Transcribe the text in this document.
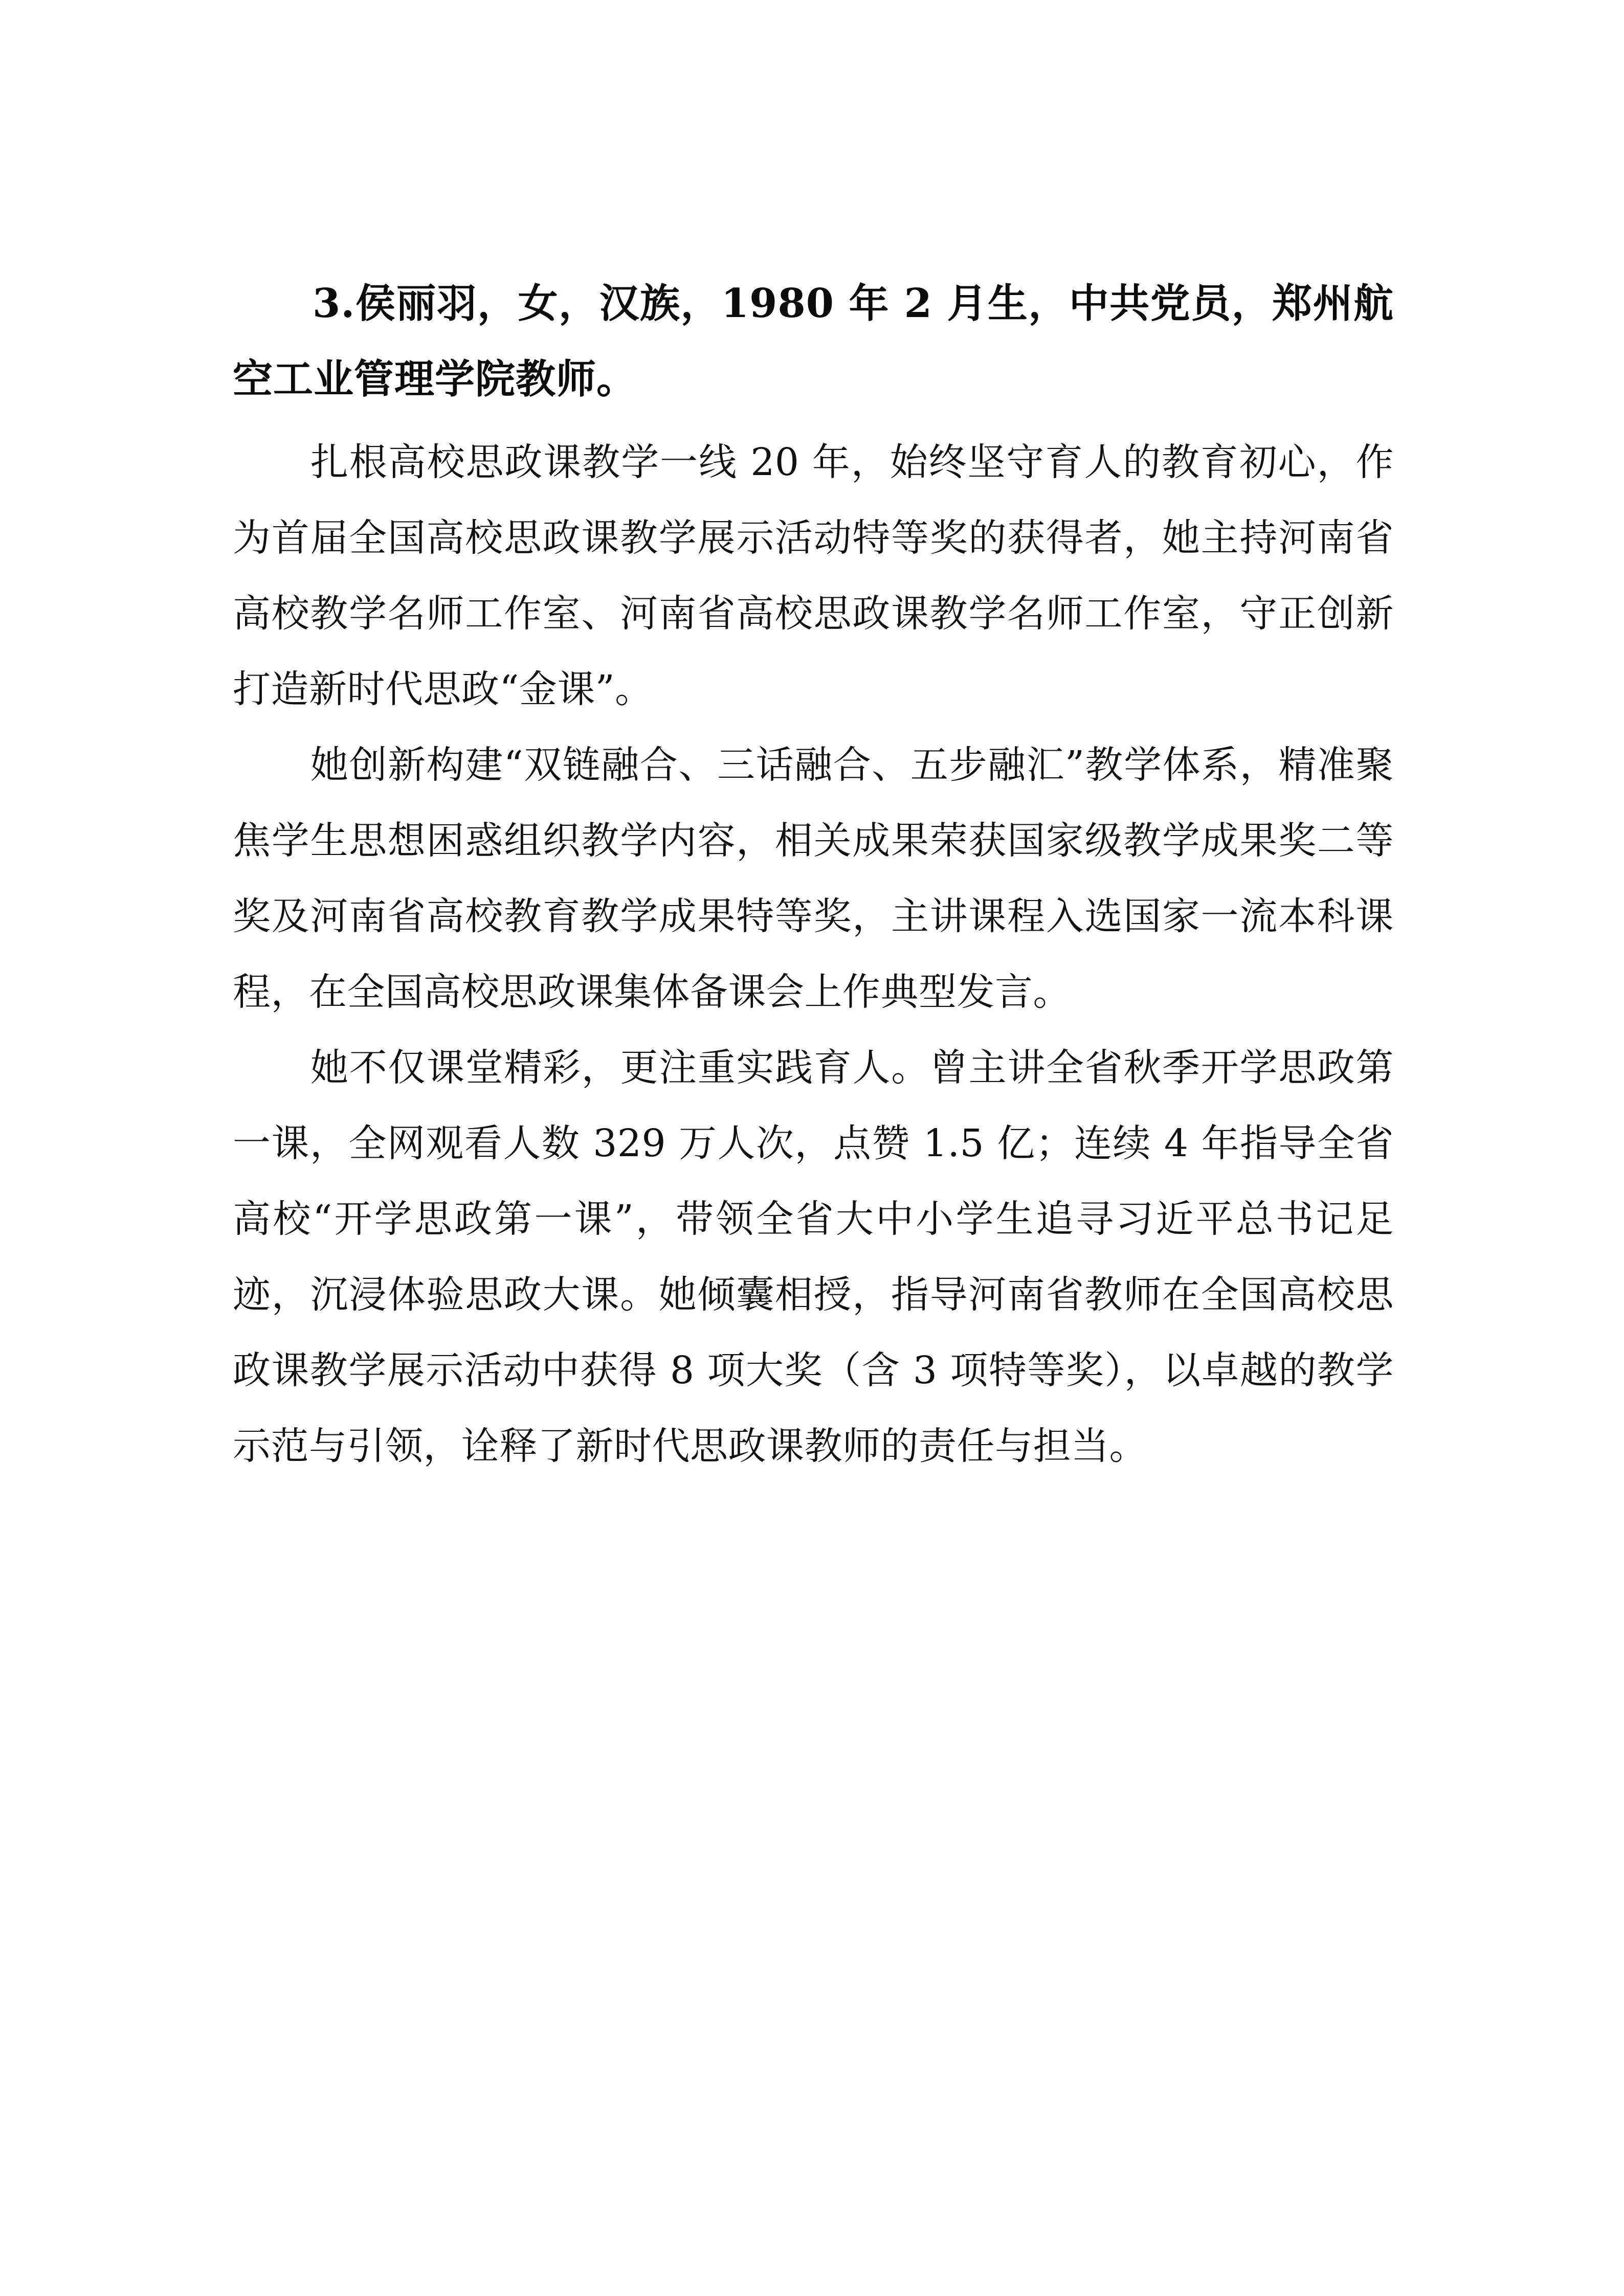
3.侯丽羽，女，汉族，1980 年 2 月生，中共党员，郑州航空工业管理学院教师。

扎根高校思政课教学一线 20 年，始终坚守育人的教育初心，作为首届全国高校思政课教学展示活动特等奖的获得者，她主持河南省高校教学名师工作室、河南省高校思政课教学名师工作室，守正创新打造新时代思政“金课”。

她创新构建“双链融合、三话融合、五步融汇”教学体系，精准聚焦学生思想困惑组织教学内容，相关成果荣获国家级教学成果奖二等奖及河南省高校教育教学成果特等奖，主讲课程入选国家一流本科课程，在全国高校思政课集体备课会上作典型发言。

她不仅课堂精彩，更注重实践育人。曾主讲全省秋季开学思政第一课，全网观看人数 329 万人次，点赞 1.5 亿；连续 4 年指导全省高校“开学思政第一课”，带领全省大中小学生追寻习近平总书记足迹，沉浸体验思政大课。她倾囊相授，指导河南省教师在全国高校思政课教学展示活动中获得 8 项大奖（含 3 项特等奖），以卓越的教学示范与引领，诠释了新时代思政课教师的责任与担当。
